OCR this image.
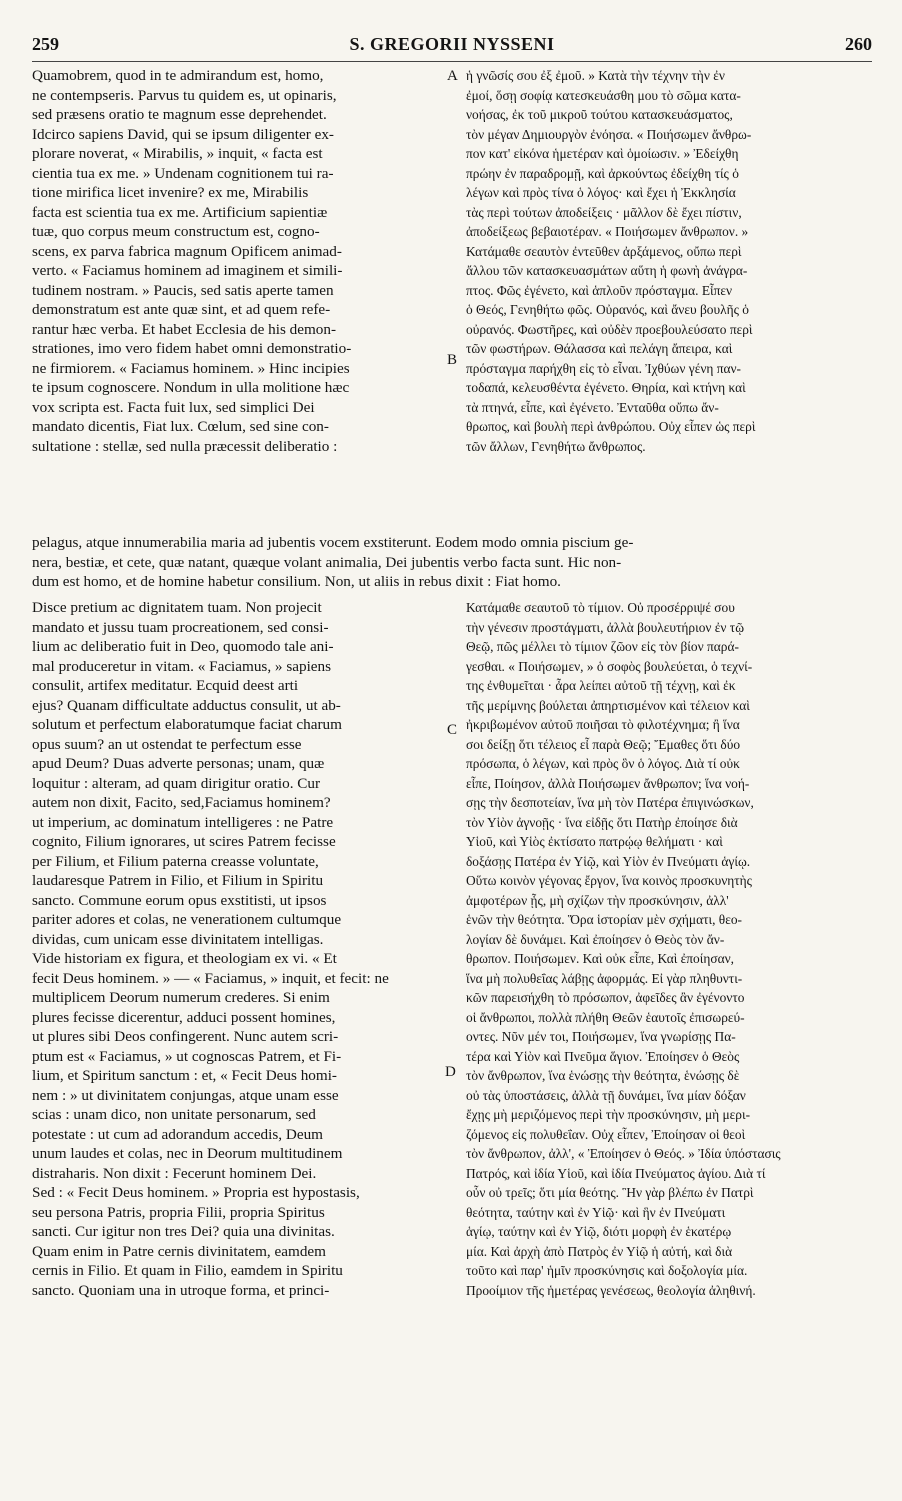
259	S. GREGORII NYSSENI	260
Quamobrem, quod in te admirandum est, homo,
ne contempseris. Parvus tu quidem es, ut opinaris,
sed præsens oratio te magnum esse deprehendet.
Idcirco sapiens David, qui se ipsum diligenter ex-
plorare noverat, « Mirabilis, » inquit, « facta est
cientia tua ex me. » Undenam cognitionem tui ra-
tione mirifica licet invenire? ex me, Mirabilis
facta est scientia tua ex me. Artificium sapientiæ
tuæ, quo corpus meum constructum est, cogno-
scens, ex parva fabrica magnum Opificem animad-
verto. « Faciamus hominem ad imaginem et simili-
tudinem nostram. » Paucis, sed satis aperte tamen
demonstratum est ante quæ sint, et ad quem refe-
rantur hæc verba. Et habet Ecclesia de his demon-
strationes, imo vero fidem habet omni demonstratio-
ne firmiorem. « Faciamus hominem. » Hinc incipies
te ipsum cognoscere. Nondum in ulla molitione hæc
vox scripta est. Facta fuit lux, sed simplici Dei
mandato dicentis, Fiat lux. Cœlum, sed sine con-
sultatione : stellæ, sed nulla præcessit deliberatio :
ἡ γνῶσίς σου ἐξ ἐμοῦ. » Κατὰ τὴν τέχνην τὴν ἐν
ἐμοί, ὅσῃ σοφίᾳ κατεσκευάσθη μου τὸ σῶμα κατα-
νοήσας, ἐκ τοῦ μικροῦ τούτου κατασκευάσματος,
τὸν μέγαν Δημιουργὸν ἐνόησα. « Ποιήσωμεν ἄνθρω-
πον κατ' εἰκόνα ἡμετέραν καὶ ὁμοίωσιν. » Ἐδείχθη
πρώην ἐν παραδρομῇ, καὶ ἀρκούντως ἐδείχθη τίς ὁ
λέγων καὶ πρὸς τίνα ὁ λόγος· καὶ ἔχει ἡ Ἐκκλησία
τὰς περὶ τούτων ἀποδείξεις · μᾶλλον δὲ ἔχει πίστιν,
ἀποδείξεως βεβαιοτέραν. « Ποιήσωμεν ἄνθρωπον. »
Κατάμαθε σεαυτὸν ἐντεῦθεν ἀρξάμενος, οὔπω περὶ
ἄλλου τῶν κατασκευασμάτων αὕτη ἡ φωνὴ ἀνάγρα-
πτος. Φῶς ἐγένετο, καὶ ἁπλοῦν πρόσταγμα. Εἶπεν
ὁ Θεός, Γενηθήτω φῶς. Οὐρανός, καὶ ἄνευ βουλῆς ὁ
οὐρανός. Φωστῆρες, καὶ οὐδὲν προεβουλεύσατο περὶ
τῶν φωστήρων. Θάλασσα καὶ πελάγη ἄπειρα, καὶ
πρόσταγμα παρήχθη εἰς τὸ εἶναι. Ἰχθύων γένη παν-
τοδαπά, κελευσθέντα ἐγένετο. Θηρία, καὶ κτήνη καὶ
τὰ πτηνά, εἶπε, καὶ ἐγένετο. Ἐνταῦθα οὔπω ἄν-
θρωπος, καὶ βουλὴ περὶ ἀνθρώπου. Οὐχ εἶπεν ὡς περὶ
τῶν ἄλλων, Γενηθήτω ἄνθρωπος.
pelagus, atque innumerabilia maria ad jubentis vocem exstiterunt. Eodem modo omnia piscium ge-
nera, bestiæ, et cete, quæ natant, quæque volant animalia, Dei jubentis verbo facta sunt. Hic non-
dum est homo, et de homine habetur consilium. Non, ut aliis in rebus dixit : Fiat homo.
Disce pretium ac dignitatem tuam. Non projecit
mandato et jussu tuam procreationem, sed consi-
lium ac deliberatio fuit in Deo, quomodo tale ani-
mal produceretur in vitam. « Faciamus, » sapiens
consulit, artifex meditatur. Ecquid deest arti
ejus? Quanam difficultate adductus consulit, ut ab-
solutum et perfectum elaboratumque faciat charum
opus suum? an ut ostendat te perfectum esse
apud Deum? Duas adverte personas; unam, quæ
loquitur : alteram, ad quam dirigitur oratio. Cur
autem non dixit, Facito, sed,Faciamus hominem?
ut imperium, ac dominatum intelligeres : ne Patre
cognito, Filium ignorares, ut scires Patrem fecisse
per Filium, et Filium paterna creasse voluntate,
laudaresque Patrem in Filio, et Filium in Spiritu
sancto. Commune eorum opus exstitisti, ut ipsos
pariter adores et colas, ne venerationem cultumque
dividas, cum unicam esse divinitatem intelligas.
Vide historiam ex figura, et theologiam ex vi. « Et
fecit Deus hominem. » — « Faciamus, » inquit, et fecit: ne
multiplicem Deorum numerum crederes. Si enim
plures fecisse dicerentur, adduci possent homines,
ut plures sibi Deos confingerent. Nunc autem scri-
ptum est « Faciamus, » ut cognoscas Patrem, et Fi-
lium, et Spiritum sanctum : et, « Fecit Deus homi-
nem : » ut divinitatem conjungas, atque unam esse
scias : unam dico, non unitate personarum, sed
potestate : ut cum ad adorandum accedis, Deum
unum laudes et colas, nec in Deorum multitudinem
distraharis. Non dixit : Fecerunt hominem Dei.
Sed : « Fecit Deus hominem. » Propria est hypostasis,
seu persona Patris, propria Filii, propria Spiritus
sancti. Cur igitur non tres Dei? quia una divinitas.
Quam enim in Patre cernis divinitatem, eamdem
cernis in Filio. Et quam in Filio, eamdem in Spiritu
sancto. Quoniam una in utroque forma, et princi-
Κατάμαθε σεαυτοῦ τὸ τίμιον. Οὐ προσέρριψέ σου
τὴν γένεσιν προστάγματι, ἀλλὰ βουλευτήριον ἐν τῷ
Θεῷ, πῶς μέλλει τὸ τίμιον ζῶον εἰς τὸν βίον παρά-
γεσθαι. « Ποιήσωμεν, » ὁ σοφὸς βουλεύεται, ὁ τεχνί-
της ἐνθυμεῖται · ἆρα λείπει αὐτοῦ τῇ τέχνῃ, καὶ ἐκ
τῆς μερίμνης βούλεται ἀπηρτισμένον καὶ τέλειον καὶ
ἠκριβωμένον αὐτοῦ ποιῆσαι τὸ φιλοτέχνημα; ἢ ἵνα
σοι δείξῃ ὅτι τέλειος εἶ παρὰ Θεῷ; Ἔμαθες ὅτι δύο
πρόσωπα, ὁ λέγων, καὶ πρὸς ὃν ὁ λόγος. Διὰ τί οὐκ
εἶπε, Ποίησον, ἀλλὰ Ποιήσωμεν ἄνθρωπον; ἵνα νοή-
σῃς τὴν δεσποτείαν, ἵνα μὴ τὸν Πατέρα ἐπιγινώσκων,
τὸν Υἱὸν ἀγνοῇς · ἵνα εἰδῇς ὅτι Πατὴρ ἐποίησε διὰ
Υἱοῦ, καὶ Υἱὸς ἐκτίσατο πατρῴῳ θελήματι · καὶ
δοξάσῃς Πατέρα ἐν Υἱῷ, καὶ Υἱὸν ἐν Πνεύματι ἁγίῳ.
Οὕτω κοινὸν γέγονας ἔργον, ἵνα κοινὸς προσκυνητὴς
ἀμφοτέρων ᾖς, μὴ σχίζων τὴν προσκύνησιν, ἀλλ'
ἑνῶν τὴν θεότητα. Ὅρα ἱστορίαν μὲν σχήματι, θεο-
λογίαν δὲ δυνάμει. Καὶ ἐποίησεν ὁ Θεὸς τὸν ἄν-
θρωπον. Ποιήσωμεν. Καὶ οὐκ εἶπε, Καὶ ἐποίησαν,
ἵνα μὴ πολυθεΐας λάβῃς ἀφορμάς. Εἰ γὰρ πληθυντι-
κῶν παρεισήχθη τὸ πρόσωπον, ἀφεῖδες ἂν ἐγένοντο
οἱ ἄνθρωποι, πολλὰ πλήθη Θεῶν ἑαυτοῖς ἐπισωρεύ-
οντες. Νῦν μέν τοι, Ποιήσωμεν, ἵνα γνωρίσῃς Πα-
τέρα καὶ Υἱὸν καὶ Πνεῦμα ἅγιον. Ἐποίησεν ὁ Θεὸς
τὸν ἄνθρωπον, ἵνα ἑνώσῃς τὴν θεότητα, ἑνώσῃς δὲ
οὐ τὰς ὑποστάσεις, ἀλλὰ τῇ δυνάμει, ἵνα μίαν δόξαν
ἔχῃς μὴ μεριζόμενος περὶ τὴν προσκύνησιν, μὴ μερι-
ζόμενος εἰς πολυθεΐαν. Οὐχ εἶπεν, Ἐποίησαν οἱ θεοὶ
τὸν ἄνθρωπον, ἀλλ', « Ἐποίησεν ὁ Θεός. » Ἰδία ὑπόστασις
Πατρός, καὶ ἰδία Υἱοῦ, καὶ ἰδία Πνεύματος ἁγίου. Διὰ τί
οὖν οὐ τρεῖς; ὅτι μία θεότης. Ἣν γὰρ βλέπω ἐν Πατρὶ
θεότητα, ταύτην καὶ ἐν Υἱῷ· καὶ ἣν ἐν Πνεύματι
ἁγίῳ, ταύτην καὶ ἐν Υἱῷ, διότι μορφὴ ἐν ἑκατέρῳ
μία. Καὶ ἀρχὴ ἀπὸ Πατρὸς ἐν Υἱῷ ἡ αὐτή, καὶ διὰ
τοῦτο καὶ παρ' ἡμῖν προσκύνησις καὶ δοξολογία μία.
Προοίμιον τῆς ἡμετέρας γενέσεως, θεολογία ἀληθινή.
A
B
C
D
